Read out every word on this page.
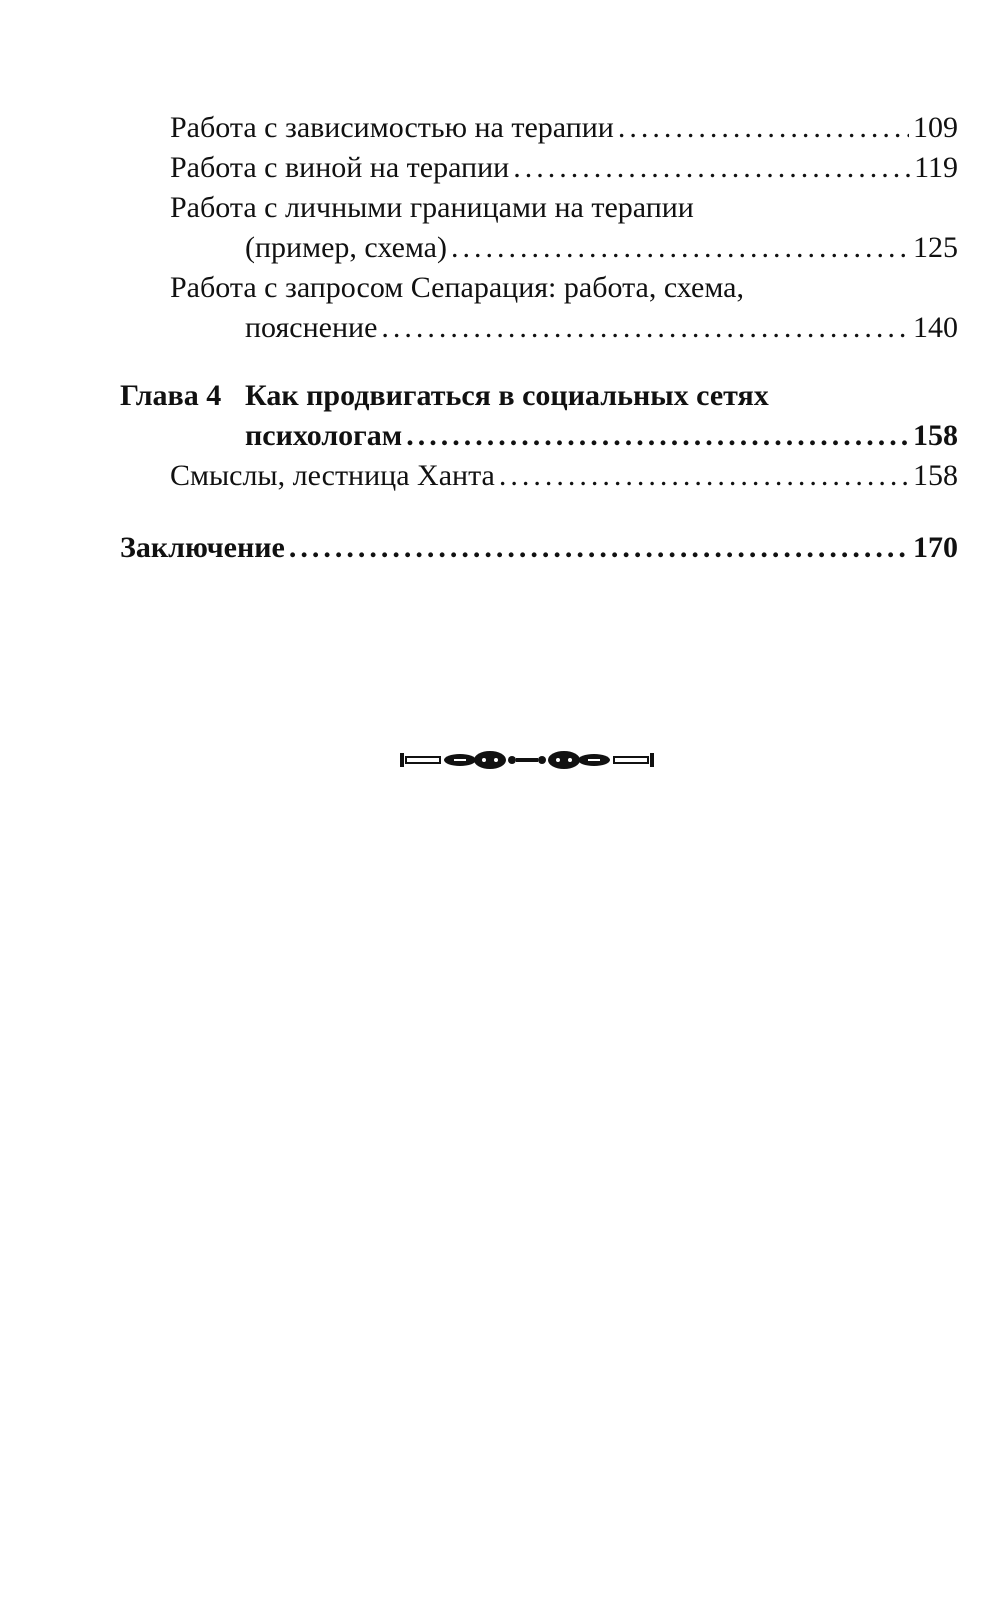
Работа с зависимостью на терапии .....	109
Работа с виной на терапии .....	119
Работа с личными границами на терапии
(пример, схема) .....	125
Работа с запросом Сепарация: работа, схема,
пояснение .....	140
Глава 4 Как продвигаться в социальных сетях
психологам .....	158
Смыслы, лестница Ханта .....	158
Заключение .....	170
